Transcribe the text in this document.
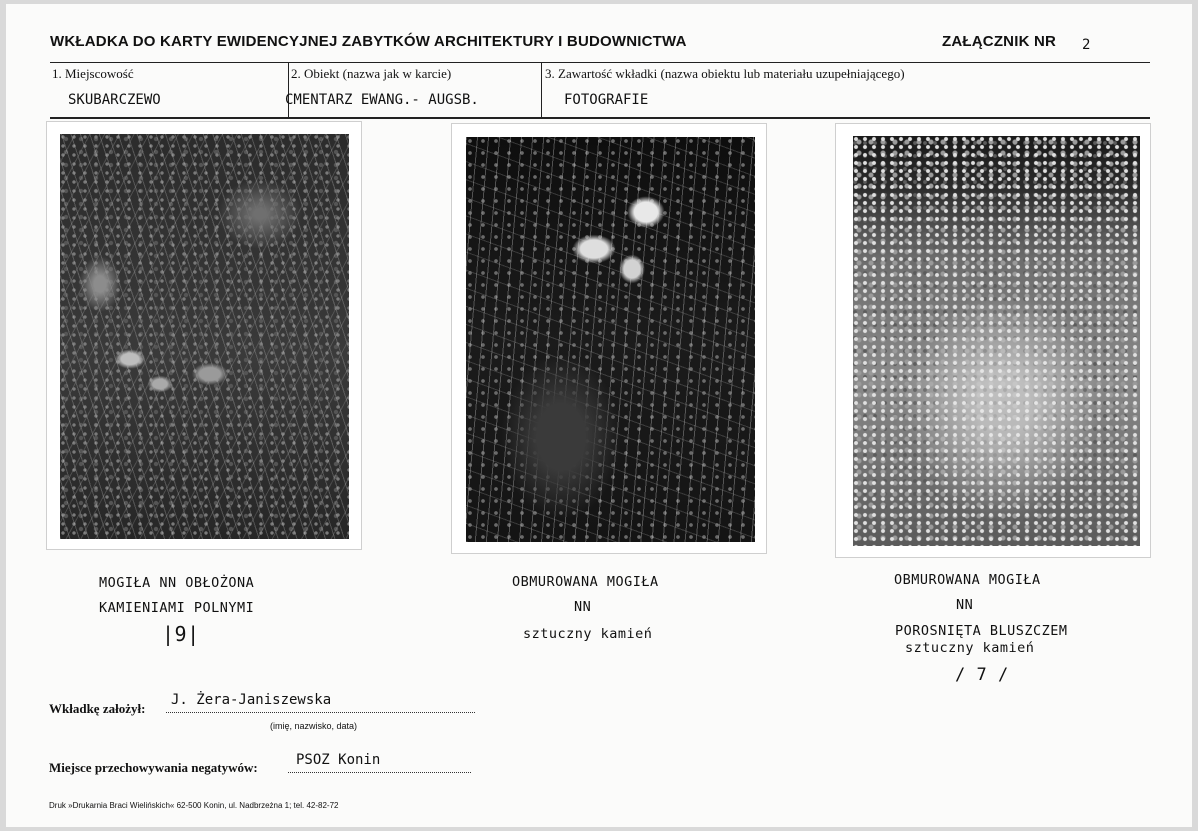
WKŁADKA DO KARTY EWIDENCYJNEJ ZABYTKÓW ARCHITEKTURY I BUDOWNICTWA	ZAŁĄCZNIK NR 2
1. Miejscowość
SKUBARCZEWO
2. Obiekt (nazwa jak w karcie)
CMENTARZ EWANG.- AUGSB.
3. Zawartość wkładki (nazwa obiektu lub materiału uzupełniającego)
FOTOGRAFIE
MOGIŁA NN OBŁOŻONA
KAMIENIAMI POLNYMI
|9|
OBMUROWANA MOGIŁA
NN
sztuczny kamień
OBMUROWANA MOGIŁA
NN
POROSNIĘTA BLUSZCZEM
sztuczny kamień
/ 7 /
Wkładkę założył:
J. Żera-Janiszewska
(imię, nazwisko, data)
Miejsce przechowywania negatywów:	PSOZ Konin
Druk »Drukarnia Braci Wielińskich« 62-500 Konin, ul. Nadbrzeżna 1; tel. 42-82-72
